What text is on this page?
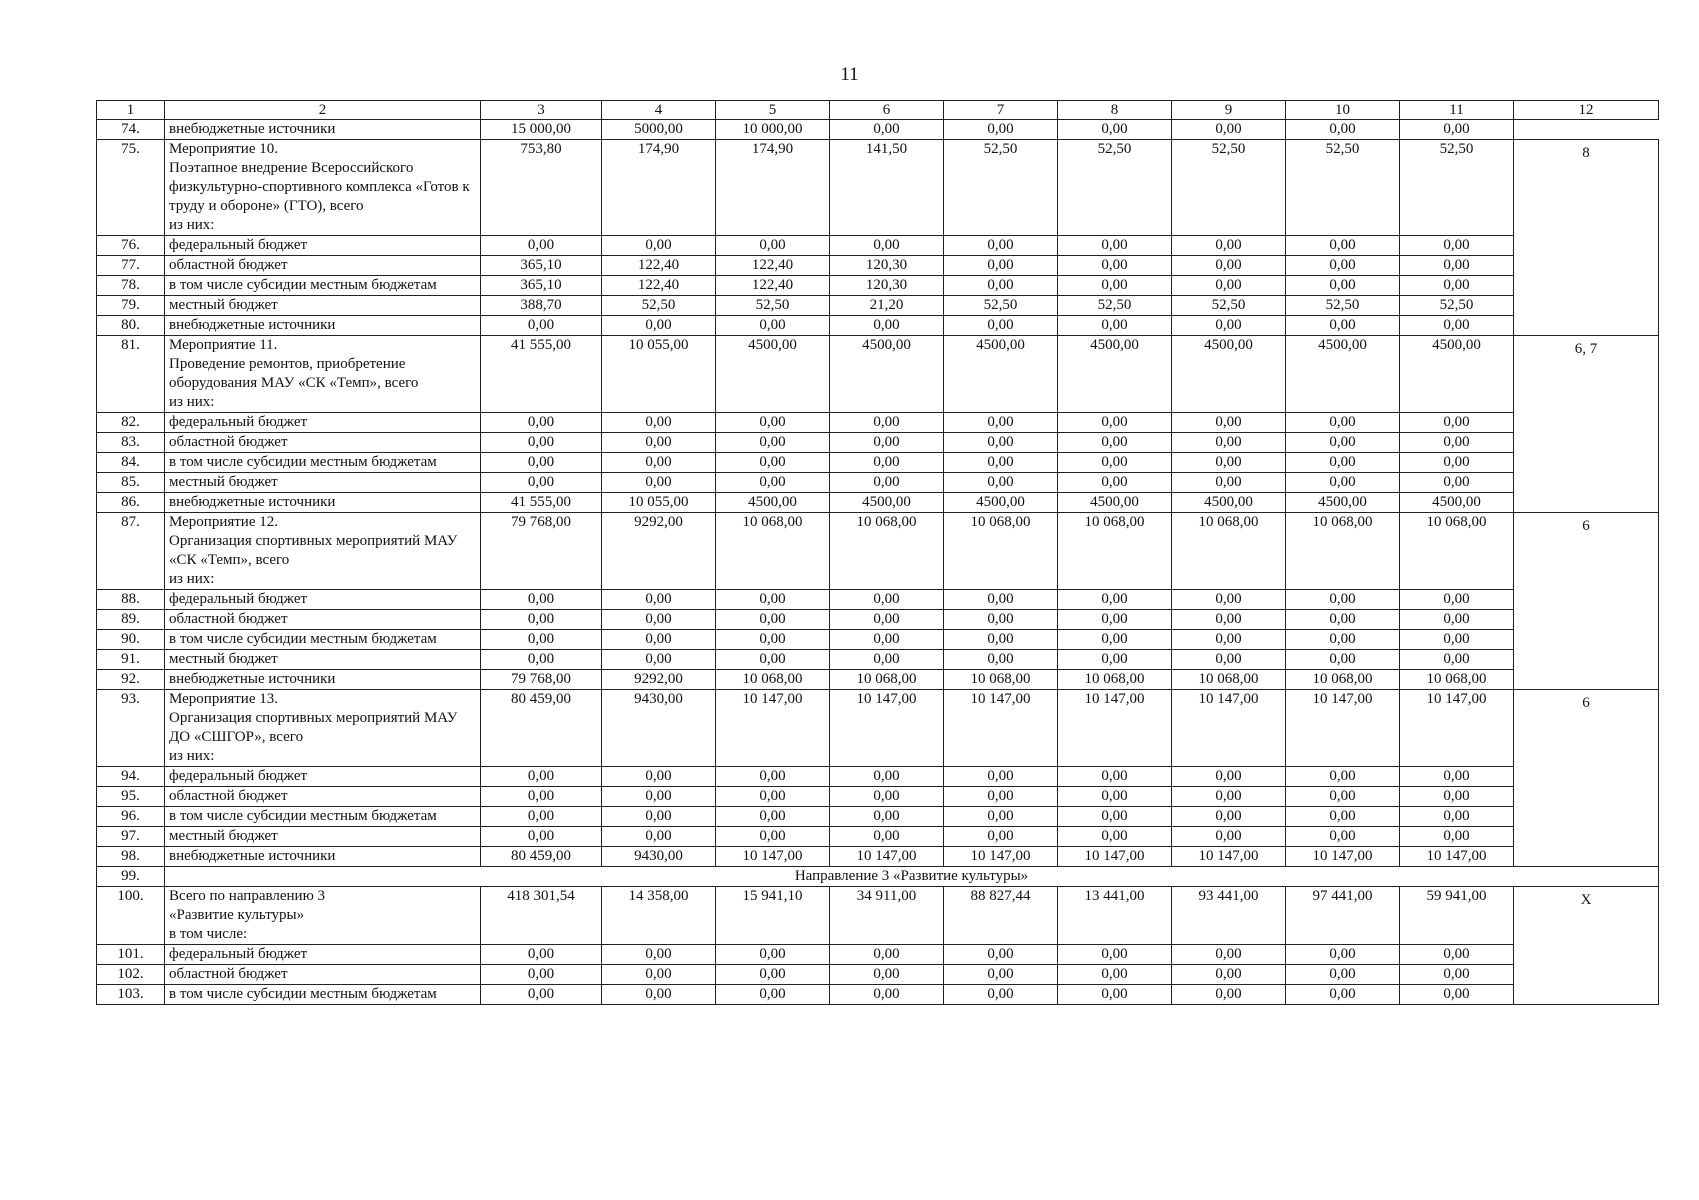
11
1	2	3	4	5	6	7	8	9	10	11	12
74.	внебюджетные источники	15 000,00	5000,00	10 000,00	0,00	0,00	0,00	0,00	0,00	0,00	
75.	Мероприятие 10.
Поэтапное внедрение Всероссийского физкультурно-спортивного комплекса «Готов к труду и обороне» (ГТО), всего
из них:	753,80	174,90	174,90	141,50	52,50	52,50	52,50	52,50	52,50	8
76.	федеральный бюджет	0,00	0,00	0,00	0,00	0,00	0,00	0,00	0,00	0,00	
77.	областной бюджет	365,10	122,40	122,40	120,30	0,00	0,00	0,00	0,00	0,00	
78.	в том числе субсидии местным бюджетам	365,10	122,40	122,40	120,30	0,00	0,00	0,00	0,00	0,00	
79.	местный бюджет	388,70	52,50	52,50	21,20	52,50	52,50	52,50	52,50	52,50	
80.	внебюджетные источники	0,00	0,00	0,00	0,00	0,00	0,00	0,00	0,00	0,00	
81.	Мероприятие 11.
Проведение ремонтов, приобретение оборудования МАУ «СК «Темп», всего
из них:	41 555,00	10 055,00	4500,00	4500,00	4500,00	4500,00	4500,00	4500,00	4500,00	6, 7
82.	федеральный бюджет	0,00	0,00	0,00	0,00	0,00	0,00	0,00	0,00	0,00	
83.	областной бюджет	0,00	0,00	0,00	0,00	0,00	0,00	0,00	0,00	0,00	
84.	в том числе субсидии местным бюджетам	0,00	0,00	0,00	0,00	0,00	0,00	0,00	0,00	0,00	
85.	местный бюджет	0,00	0,00	0,00	0,00	0,00	0,00	0,00	0,00	0,00	
86.	внебюджетные источники	41 555,00	10 055,00	4500,00	4500,00	4500,00	4500,00	4500,00	4500,00	4500,00	
87.	Мероприятие 12.
Организация спортивных мероприятий МАУ «СК «Темп», всего
из них:	79 768,00	9292,00	10 068,00	10 068,00	10 068,00	10 068,00	10 068,00	10 068,00	10 068,00	6
88.	федеральный бюджет	0,00	0,00	0,00	0,00	0,00	0,00	0,00	0,00	0,00	
89.	областной бюджет	0,00	0,00	0,00	0,00	0,00	0,00	0,00	0,00	0,00	
90.	в том числе субсидии местным бюджетам	0,00	0,00	0,00	0,00	0,00	0,00	0,00	0,00	0,00	
91.	местный бюджет	0,00	0,00	0,00	0,00	0,00	0,00	0,00	0,00	0,00	
92.	внебюджетные источники	79 768,00	9292,00	10 068,00	10 068,00	10 068,00	10 068,00	10 068,00	10 068,00	10 068,00	
93.	Мероприятие 13.
Организация спортивных мероприятий МАУ ДО «СШГОР», всего
из них:	80 459,00	9430,00	10 147,00	10 147,00	10 147,00	10 147,00	10 147,00	10 147,00	10 147,00	6
94.	федеральный бюджет	0,00	0,00	0,00	0,00	0,00	0,00	0,00	0,00	0,00	
95.	областной бюджет	0,00	0,00	0,00	0,00	0,00	0,00	0,00	0,00	0,00	
96.	в том числе субсидии местным бюджетам	0,00	0,00	0,00	0,00	0,00	0,00	0,00	0,00	0,00	
97.	местный бюджет	0,00	0,00	0,00	0,00	0,00	0,00	0,00	0,00	0,00	
98.	внебюджетные источники	80 459,00	9430,00	10 147,00	10 147,00	10 147,00	10 147,00	10 147,00	10 147,00	10 147,00	
99.	Направление 3 «Развитие культуры»										
100.	Всего по направлению 3
«Развитие культуры»
в том числе:	418 301,54	14 358,00	15 941,10	34 911,00	88 827,44	13 441,00	93 441,00	97 441,00	59 941,00	Х
101.	федеральный бюджет	0,00	0,00	0,00	0,00	0,00	0,00	0,00	0,00	0,00	
102.	областной бюджет	0,00	0,00	0,00	0,00	0,00	0,00	0,00	0,00	0,00	
103.	в том числе субсидии местным бюджетам	0,00	0,00	0,00	0,00	0,00	0,00	0,00	0,00	0,00	
